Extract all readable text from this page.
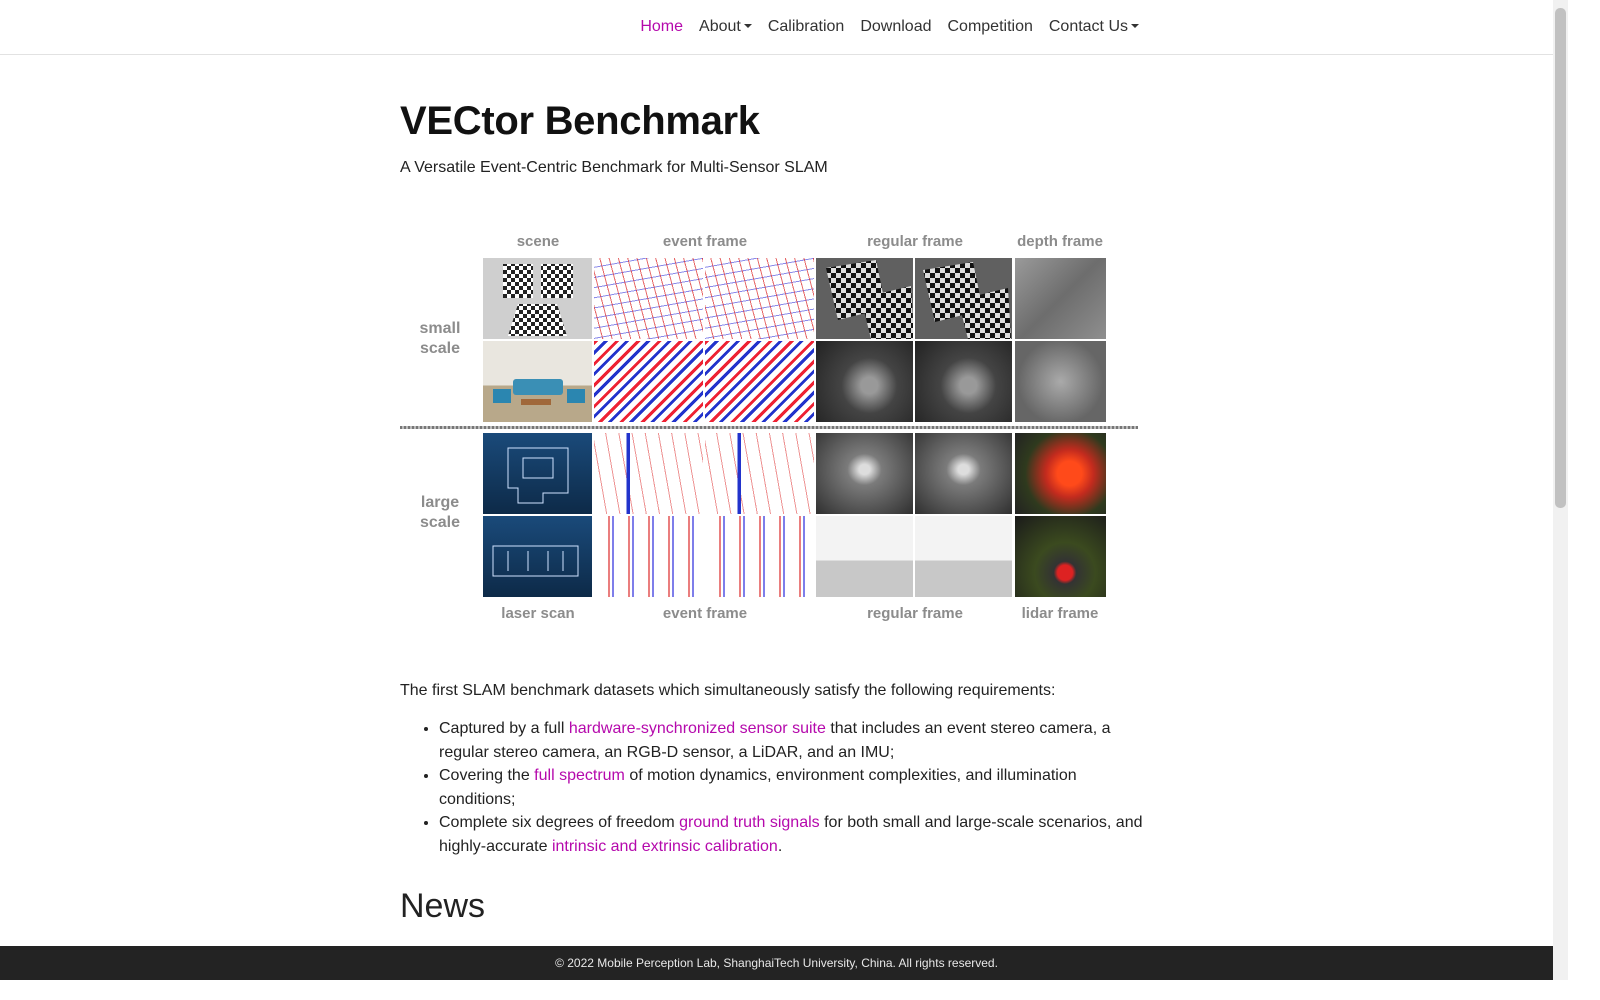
Home	About	Calibration	Download	Competition	Contact Us
VECtor Benchmark
A Versatile Event-Centric Benchmark for Multi-Sensor SLAM
scene	event frame	regular frame	depth frame
small
scale
large
scale
laser scan	event frame	regular frame	lidar frame
The first SLAM benchmark datasets which simultaneously satisfy the following requirements:
• Captured by a full hardware-synchronized sensor suite that includes an event stereo camera, a regular stereo camera, an RGB-D sensor, a LiDAR, and an IMU;
• Covering the full spectrum of motion dynamics, environment complexities, and illumination conditions;
• Complete six degrees of freedom ground truth signals for both small and large-scale scenarios, and highly-accurate intrinsic and extrinsic calibration.
News
© 2022 Mobile Perception Lab, ShanghaiTech University, China. All rights reserved.
